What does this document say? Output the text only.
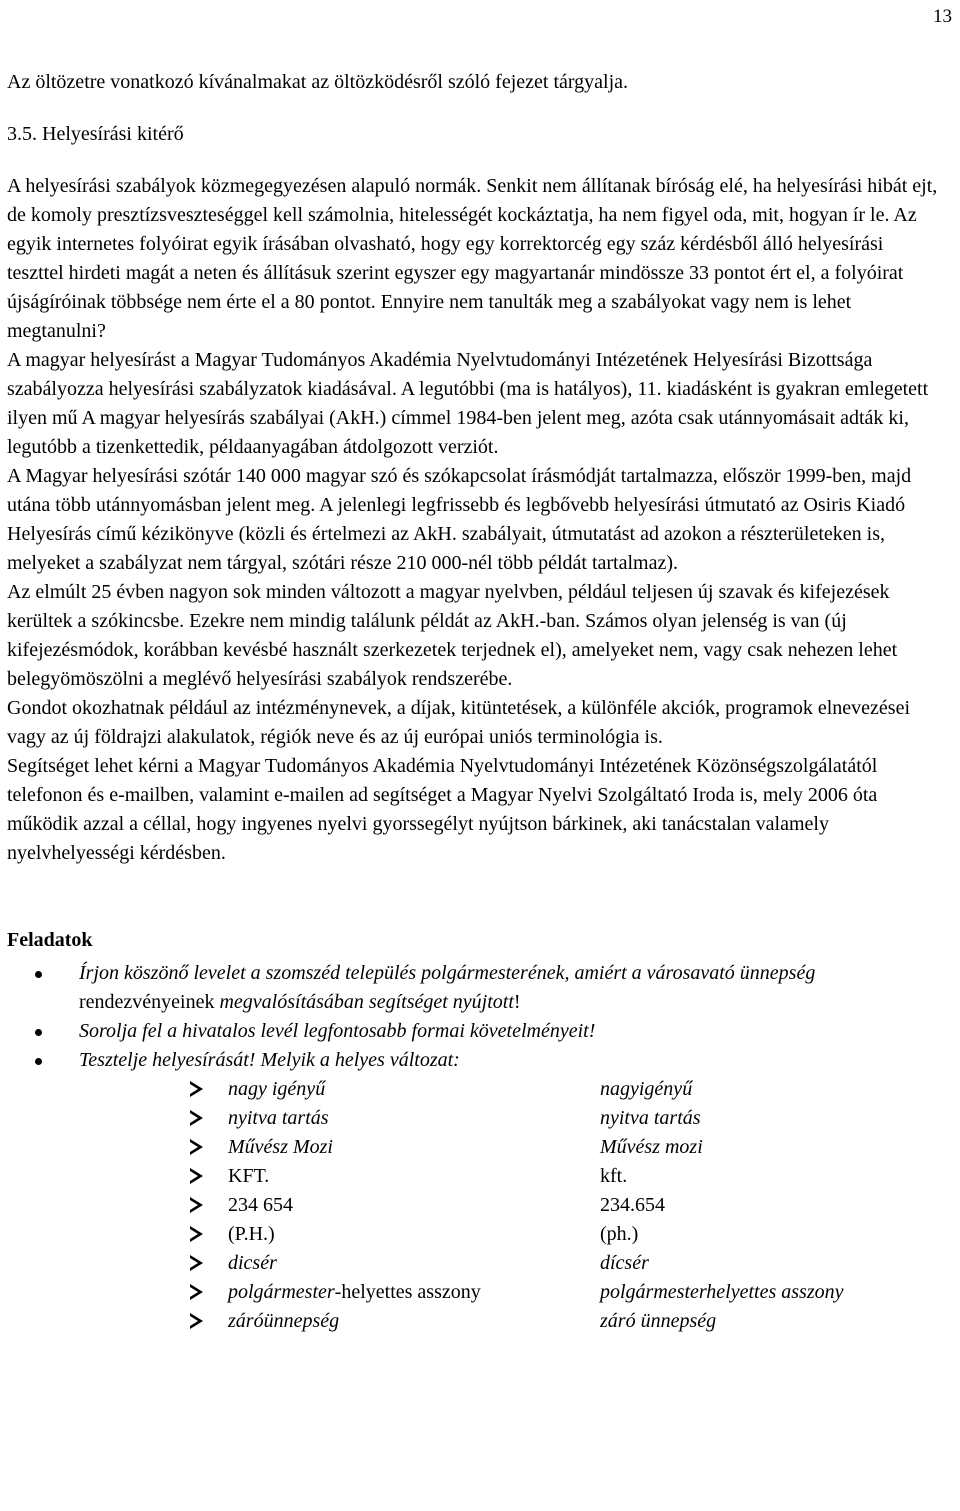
13

Az öltözetre vonatkozó kívánalmakat az öltözködésről szóló fejezet tárgyalja.

3.5. Helyesírási kitérő

A helyesírási szabályok közmegegyezésen alapuló normák. Senkit nem állítanak bíróság elé, ha helyesírási hibát ejt, de komoly presztízsveszteséggel kell számolnia, hitelességét kockáztatja, ha nem figyel oda, mit, hogyan ír le. Az egyik internetes folyóirat egyik írásában olvasható, hogy egy korrektorcég egy száz kérdésből álló helyesírási teszttel hirdeti magát a neten és állításuk szerint egyszer egy magyartanár mindössze 33 pontot ért el, a folyóirat újságíróinak többsége nem érte el a 80 pontot. Ennyire nem tanulták meg a szabályokat vagy nem is lehet megtanulni?

A magyar helyesírást a Magyar Tudományos Akadémia Nyelvtudományi Intézetének Helyesírási Bizottsága szabályozza helyesírási szabályzatok kiadásával. A legutóbbi (ma is hatályos), 11. kiadásként is gyakran emlegetett ilyen mű A magyar helyesírás szabályai (AkH.) címmel 1984-ben jelent meg, azóta csak utánnyomásait adták ki, legutóbb a tizenkettedik, példaanyagában átdolgozott verziót.

A Magyar helyesírási szótár 140 000 magyar szó és szókapcsolat írásmódját tartalmazza, először 1999-ben, majd utána több utánnyomásban jelent meg. A jelenlegi legfrissebb és legbővebb helyesírási útmutató az Osiris Kiadó Helyesírás című kézikönyve (közli és értelmezi az AkH. szabályait, útmutatást ad azokon a részterületeken is, melyeket a szabályzat nem tárgyal, szótári része 210 000-nél több példát tartalmaz).

Az elmúlt 25 évben nagyon sok minden változott a magyar nyelvben, például teljesen új szavak és kifejezések kerültek a szókincsbe. Ezekre nem mindig találunk példát az AkH.-ban. Számos olyan jelenség is van (új kifejezésmódok, korábban kevésbé használt szerkezetek terjednek el), amelyeket nem, vagy csak nehezen lehet belegyömöszölni a meglévő helyesírási szabályok rendszerébe.

Gondot okozhatnak például az intézménynevek, a díjak, kitüntetések, a különféle akciók, programok elnevezései vagy az új földrajzi alakulatok, régiók neve és az új európai uniós terminológia is.

Segítséget lehet kérni a Magyar Tudományos Akadémia Nyelvtudományi Intézetének Közönségszolgálatától telefonon és e-mailben, valamint e-mailen ad segítséget a Magyar Nyelvi Szolgáltató Iroda is, mely 2006 óta működik azzal a céllal, hogy ingyenes nyelvi gyorssegélyt nyújtson bárkinek, aki tanácstalan valamely nyelvhelyességi kérdésben.

Feladatok
Írjon köszönő levelet a szomszéd település polgármesterének, amiért a városavató ünnepség rendezvényeinek megvalósításában segítséget nyújtott!
Sorolja fel a hivatalos levél legfontosabb formai követelményeit!
Tesztelje helyesírását! Melyik a helyes változat:
nagy igényű	nagyigényű
nyitva tartás	nyitva tartás
Művész Mozi	Művész mozi
KFT.	kft.
234 654	234.654
(P.H.)	(ph.)
dicsér	dícsér
polgármester-helyettes asszony	polgármesterhelyettes asszony
záróünnepség	záró ünnepség
